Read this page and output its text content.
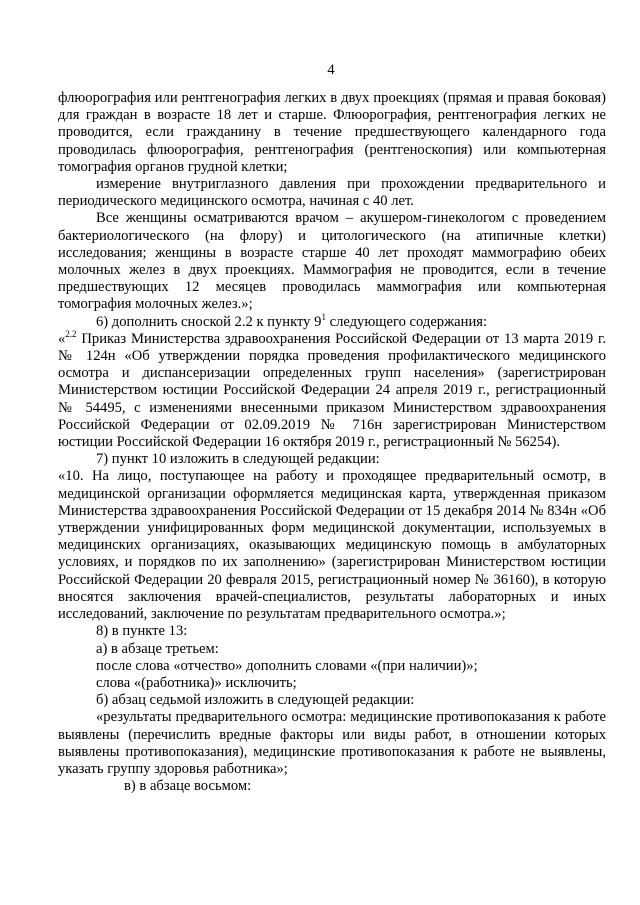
4

флюорография или рентгенография легких в двух проекциях (прямая и правая боковая) для граждан в возрасте 18 лет и старше. Флюорография, рентгенография легких не проводится, если гражданину в течение предшествующего календарного года проводилась флюорография, рентгенография (рентгеноскопия) или компьютерная томография органов грудной клетки;

измерение внутриглазного давления при прохождении предварительного и периодического медицинского осмотра, начиная с 40 лет.

Все женщины осматриваются врачом – акушером-гинекологом с проведением бактериологического (на флору) и цитологического (на атипичные клетки) исследования; женщины в возрасте старше 40 лет проходят маммографию обеих молочных желез в двух проекциях. Маммография не проводится, если в течение предшествующих 12 месяцев проводилась маммография или компьютерная томография молочных желез.»;

6) дополнить сноской 2.2 к пункту 9$^1$ следующего содержания:

«$^{2.2}$ Приказ Министерства здравоохранения Российской Федерации от 13 марта 2019 г. № 124н «Об утверждении порядка проведения профилактического медицинского осмотра и диспансеризации определенных групп населения» (зарегистрирован Министерством юстиции Российской Федерации 24 апреля 2019 г., регистрационный № 54495, с изменениями внесенными приказом Министерством здравоохранения Российской Федерации от 02.09.2019 № 716н зарегистрирован Министерством юстиции Российской Федерации 16 октября 2019 г., регистрационный № 56254).

7) пункт 10 изложить в следующей редакции:

«10. На лицо, поступающее на работу и проходящее предварительный осмотр, в медицинской организации оформляется медицинская карта, утвержденная приказом Министерства здравоохранения Российской Федерации от 15 декабря 2014 № 834н «Об утверждении унифицированных форм медицинской документации, используемых в медицинских организациях, оказывающих медицинскую помощь в амбулаторных условиях, и порядков по их заполнению» (зарегистрирован Министерством юстиции Российской Федерации 20 февраля 2015, регистрационный номер № 36160), в которую вносятся заключения врачей-специалистов, результаты лабораторных и иных исследований, заключение по результатам предварительного осмотра.»;

8) в пункте 13:

а) в абзаце третьем:

после слова «отчество» дополнить словами «(при наличии)»;

слова «(работника)» исключить;

б) абзац седьмой изложить в следующей редакции:

«результаты предварительного осмотра: медицинские противопоказания к работе выявлены (перечислить вредные факторы или виды работ, в отношении которых выявлены противопоказания), медицинские противопоказания к работе не выявлены, указать группу здоровья работника»;

в) в абзаце восьмом:
